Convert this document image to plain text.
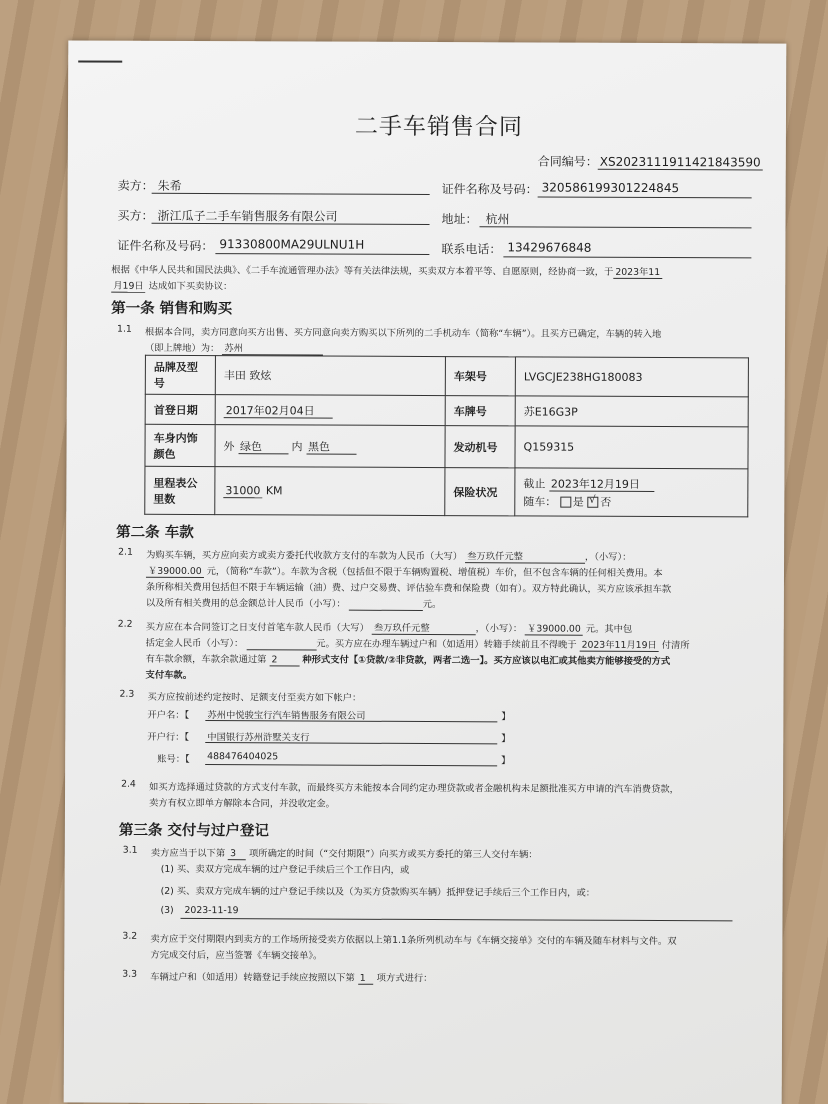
二手车销售合同
合同编号： XS2023111911421843590
卖方： 朱希	证件名称及号码： 320586199301224845
买方： 浙江瓜子二手车销售服务有限公司	地址： 杭州
证件名称及号码： 91330800MA29ULNU1H	联系电话： 13429676848
根据《中华人民共和国民法典》、《二手车流通管理办法》等有关法律法规，买卖双方本着平等、自愿原则，经协商一致，于 2023年11
月19日 达成如下买卖协议：
第一条 销售和购买
1.1 根据本合同，卖方同意向买方出售、买方同意向卖方购买以下所列的二手机动车（简称“车辆”）。且买方已确定，车辆的转入地
（即上牌地）为： 苏州
品牌及型号	丰田 致炫	车架号	LVGCJE238HG180083
首登日期	2017年02月04日	车牌号	苏E16G3P
车身内饰颜色	外 绿色 内 黑色	发动机号	Q159315
里程表公里数	31000 KM	保险状况	截止 2023年12月19日
随车： 是 √ 否
第二条 车款
2.1 为购买车辆，买方应向卖方或卖方委托代收款方支付的车款为人民币（大写） 叁万玖仟元整	，（小写）：
￥39000.00 元，（简称“车款”）。车款为含税（包括但不限于车辆购置税、增值税）车价，但不包含车辆的任何相关费用。本
条所称相关费用包括但不限于车辆运输（油）费、过户交易费、评估验车费和保险费（如有）。双方特此确认，买方应该承担车款
以及所有相关费用的总金额总计人民币（小写）：	元。
2.2 买方应在本合同签订之日支付首笔车款人民币（大写） 叁万玖仟元整	，（小写）： ￥39000.00 元。其中包
括定金人民币（小写）：	元。买方应在办理车辆过户和（如适用）转籍手续前且不得晚于 2023年11月19日 付清所
有车款余额，车款余款通过第 2	种形式支付【①贷款/②非贷款，两者二选一】。买方应该以电汇或其他卖方能够接受的方式
支付车款。
2.3 买方应按前述约定按时、足额支付至卖方如下帐户：
开户名：【 苏州中悦骏宝行汽车销售服务有限公司	】
开户行：【 中国银行苏州浒墅关支行	】
账号：【 488476404025	】
2.4 如买方选择通过贷款的方式支付车款，而最终买方未能按本合同约定办理贷款或者金融机构未足额批准买方申请的汽车消费贷款，
卖方有权立即单方解除本合同，并没收定金。
第三条 交付与过户登记
3.1 卖方应当于以下第 3 项所确定的时间（“交付期限”）向买方或买方委托的第三人交付车辆：
(1) 买、卖双方完成车辆的过户登记手续后三个工作日内，或
(2) 买、卖双方完成车辆的过户登记手续以及（为买方贷款购买车辆）抵押登记手续后三个工作日内，或：
(3) 2023-11-19
3.2 卖方应于交付期限内到卖方的工作场所接受卖方依据以上第1.1条所列机动车与《车辆交接单》交付的车辆及随车材料与文件。双
方完成交付后，应当签署《车辆交接单》。
3.3 车辆过户和（如适用）转籍登记手续应按照以下第 1 项方式进行：
